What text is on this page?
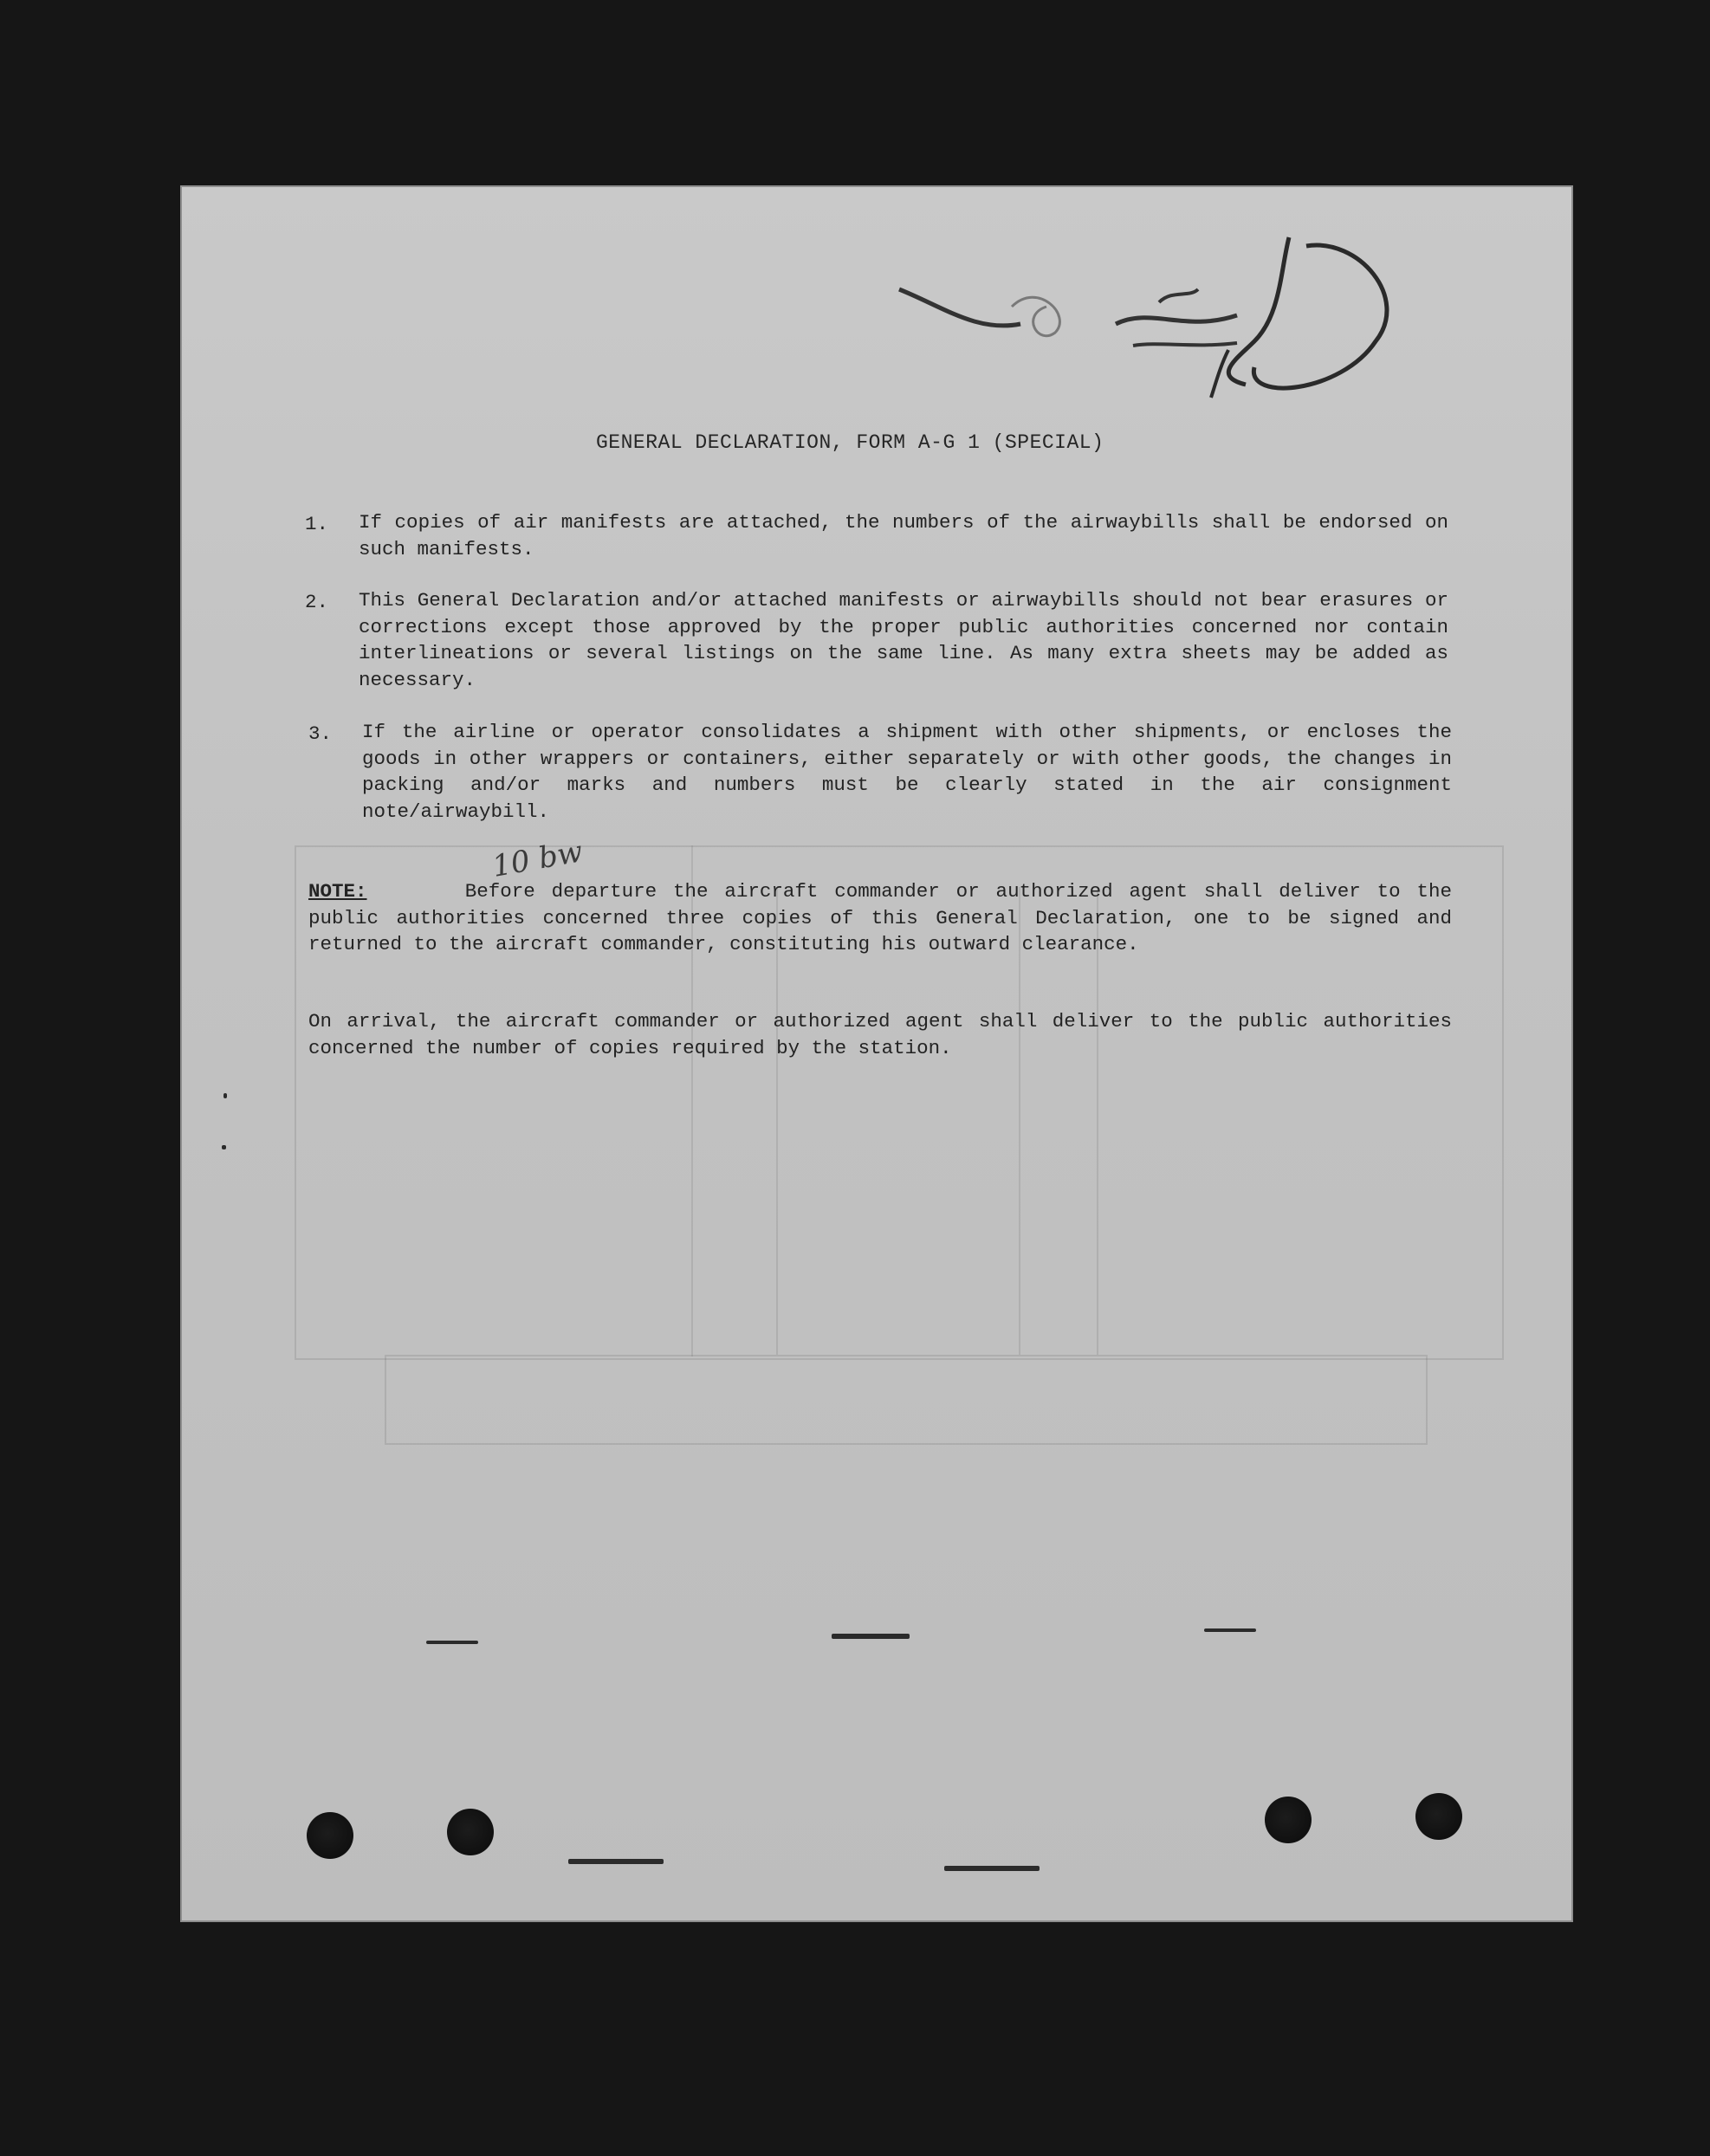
GENERAL DECLARATION, FORM A-G 1 (SPECIAL)
1. If copies of air manifests are attached, the numbers of the airwaybills shall be endorsed on such manifests.
2. This General Declaration and/or attached manifests or airwaybills should not bear erasures or corrections except those approved by the proper public authorities concerned nor contain interlineations or several listings on the same line. As many extra sheets may be added as necessary.
3. If the airline or operator consolidates a shipment with other shipments, or encloses the goods in other wrappers or containers, either separately or with other goods, the changes in packing and/or marks and numbers must be clearly stated in the air consignment note/airwaybill.
NOTE:	Before departure the aircraft commander or authorized agent shall deliver to the public authorities concerned three copies of this General Declaration, one to be signed and returned to the aircraft commander, constituting his outward clearance.
10 bw
On arrival, the aircraft commander or authorized agent shall deliver to the public authorities concerned the number of copies required by the station.
